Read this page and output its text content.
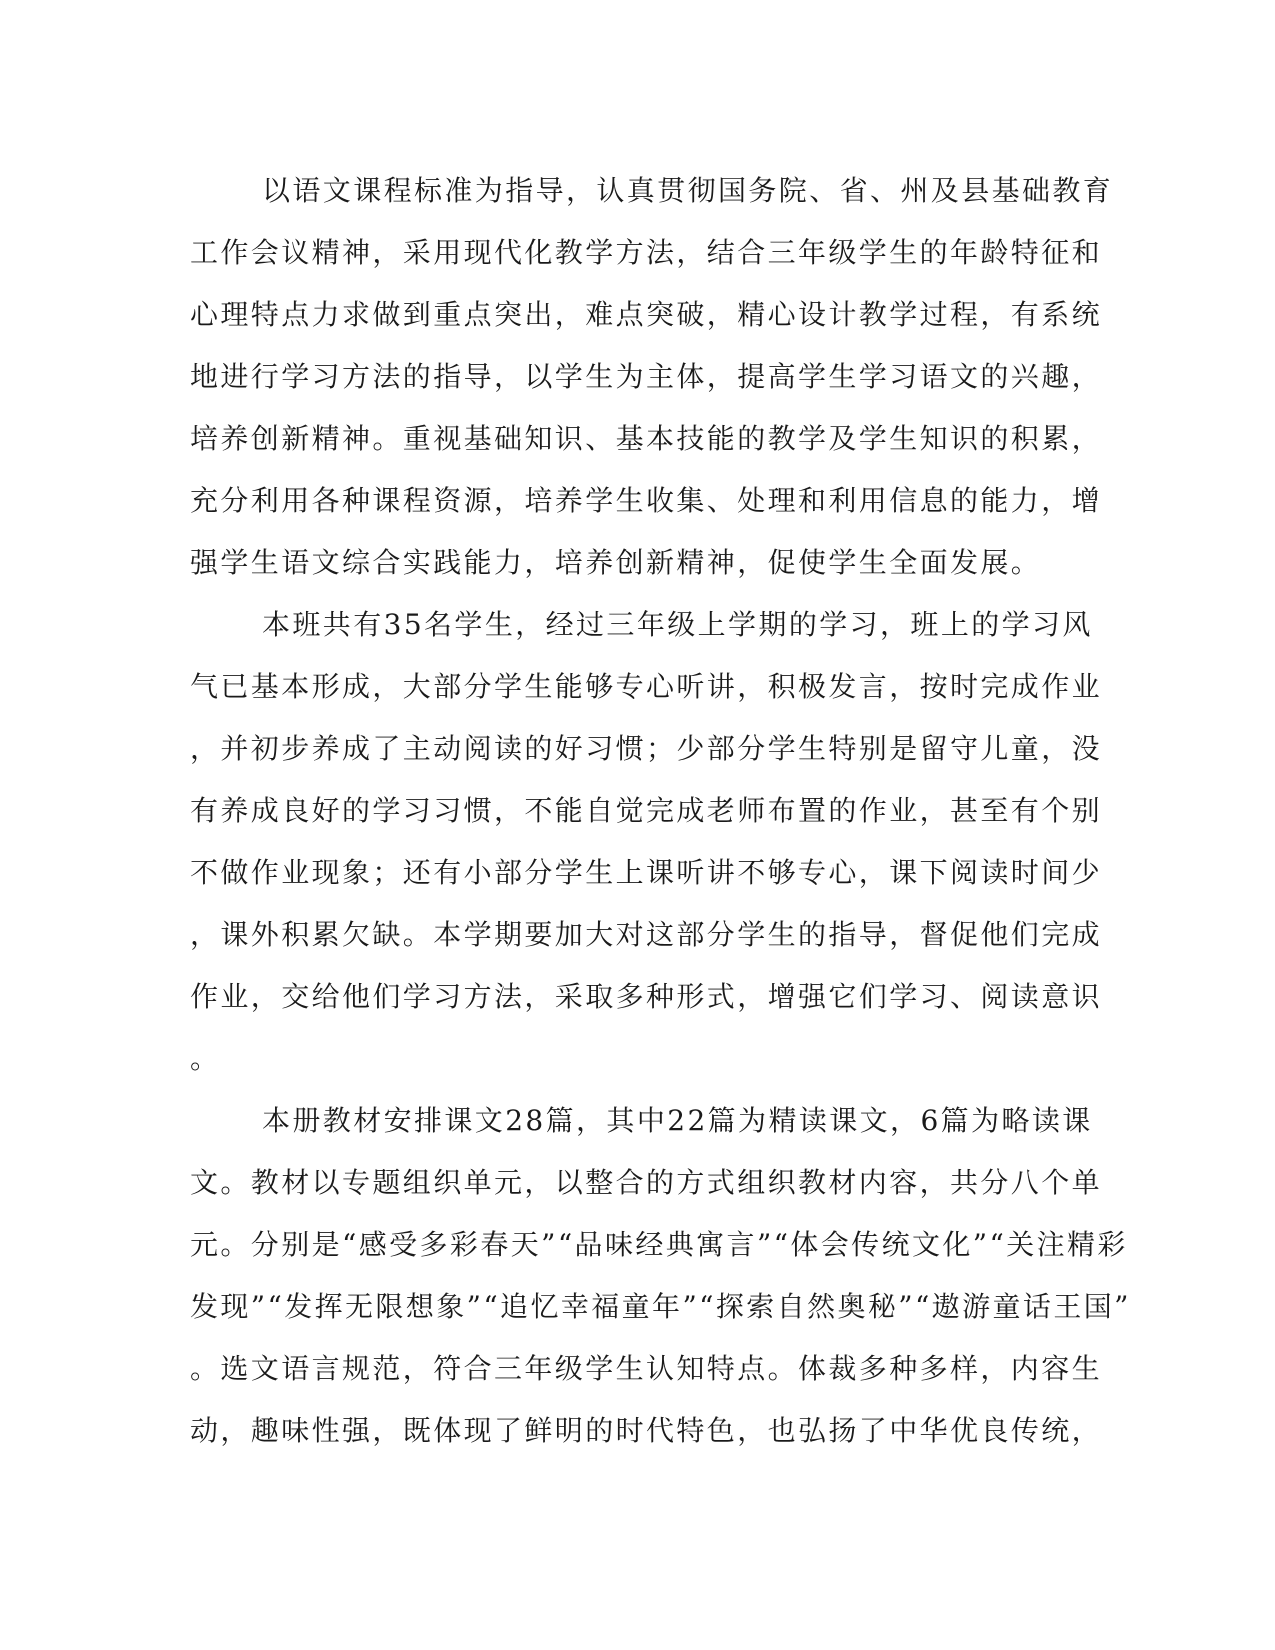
以语文课程标准为指导，认真贯彻国务院、省、州及县基础教育
工作会议精神，采用现代化教学方法，结合三年级学生的年龄特征和
心理特点力求做到重点突出，难点突破，精心设计教学过程，有系统
地进行学习方法的指导，以学生为主体，提高学生学习语文的兴趣，
培养创新精神。重视基础知识、基本技能的教学及学生知识的积累，
充分利用各种课程资源，培养学生收集、处理和利用信息的能力，增
强学生语文综合实践能力，培养创新精神，促使学生全面发展。
本班共有35名学生，经过三年级上学期的学习，班上的学习风
气已基本形成，大部分学生能够专心听讲，积极发言，按时完成作业
，并初步养成了主动阅读的好习惯；少部分学生特别是留守儿童，没
有养成良好的学习习惯，不能自觉完成老师布置的作业，甚至有个别
不做作业现象；还有小部分学生上课听讲不够专心，课下阅读时间少
，课外积累欠缺。本学期要加大对这部分学生的指导，督促他们完成
作业，交给他们学习方法，采取多种形式，增强它们学习、阅读意识
。
本册教材安排课文28篇，其中22篇为精读课文，6篇为略读课
文。教材以专题组织单元，以整合的方式组织教材内容，共分八个单
元。分别是“感受多彩春天”“品味经典寓言”“体会传统文化”“关注精彩
发现”“发挥无限想象”“追忆幸福童年”“探索自然奥秘”“遨游童话王国”
。选文语言规范，符合三年级学生认知特点。体裁多种多样，内容生
动，趣味性强，既体现了鲜明的时代特色，也弘扬了中华优良传统，
